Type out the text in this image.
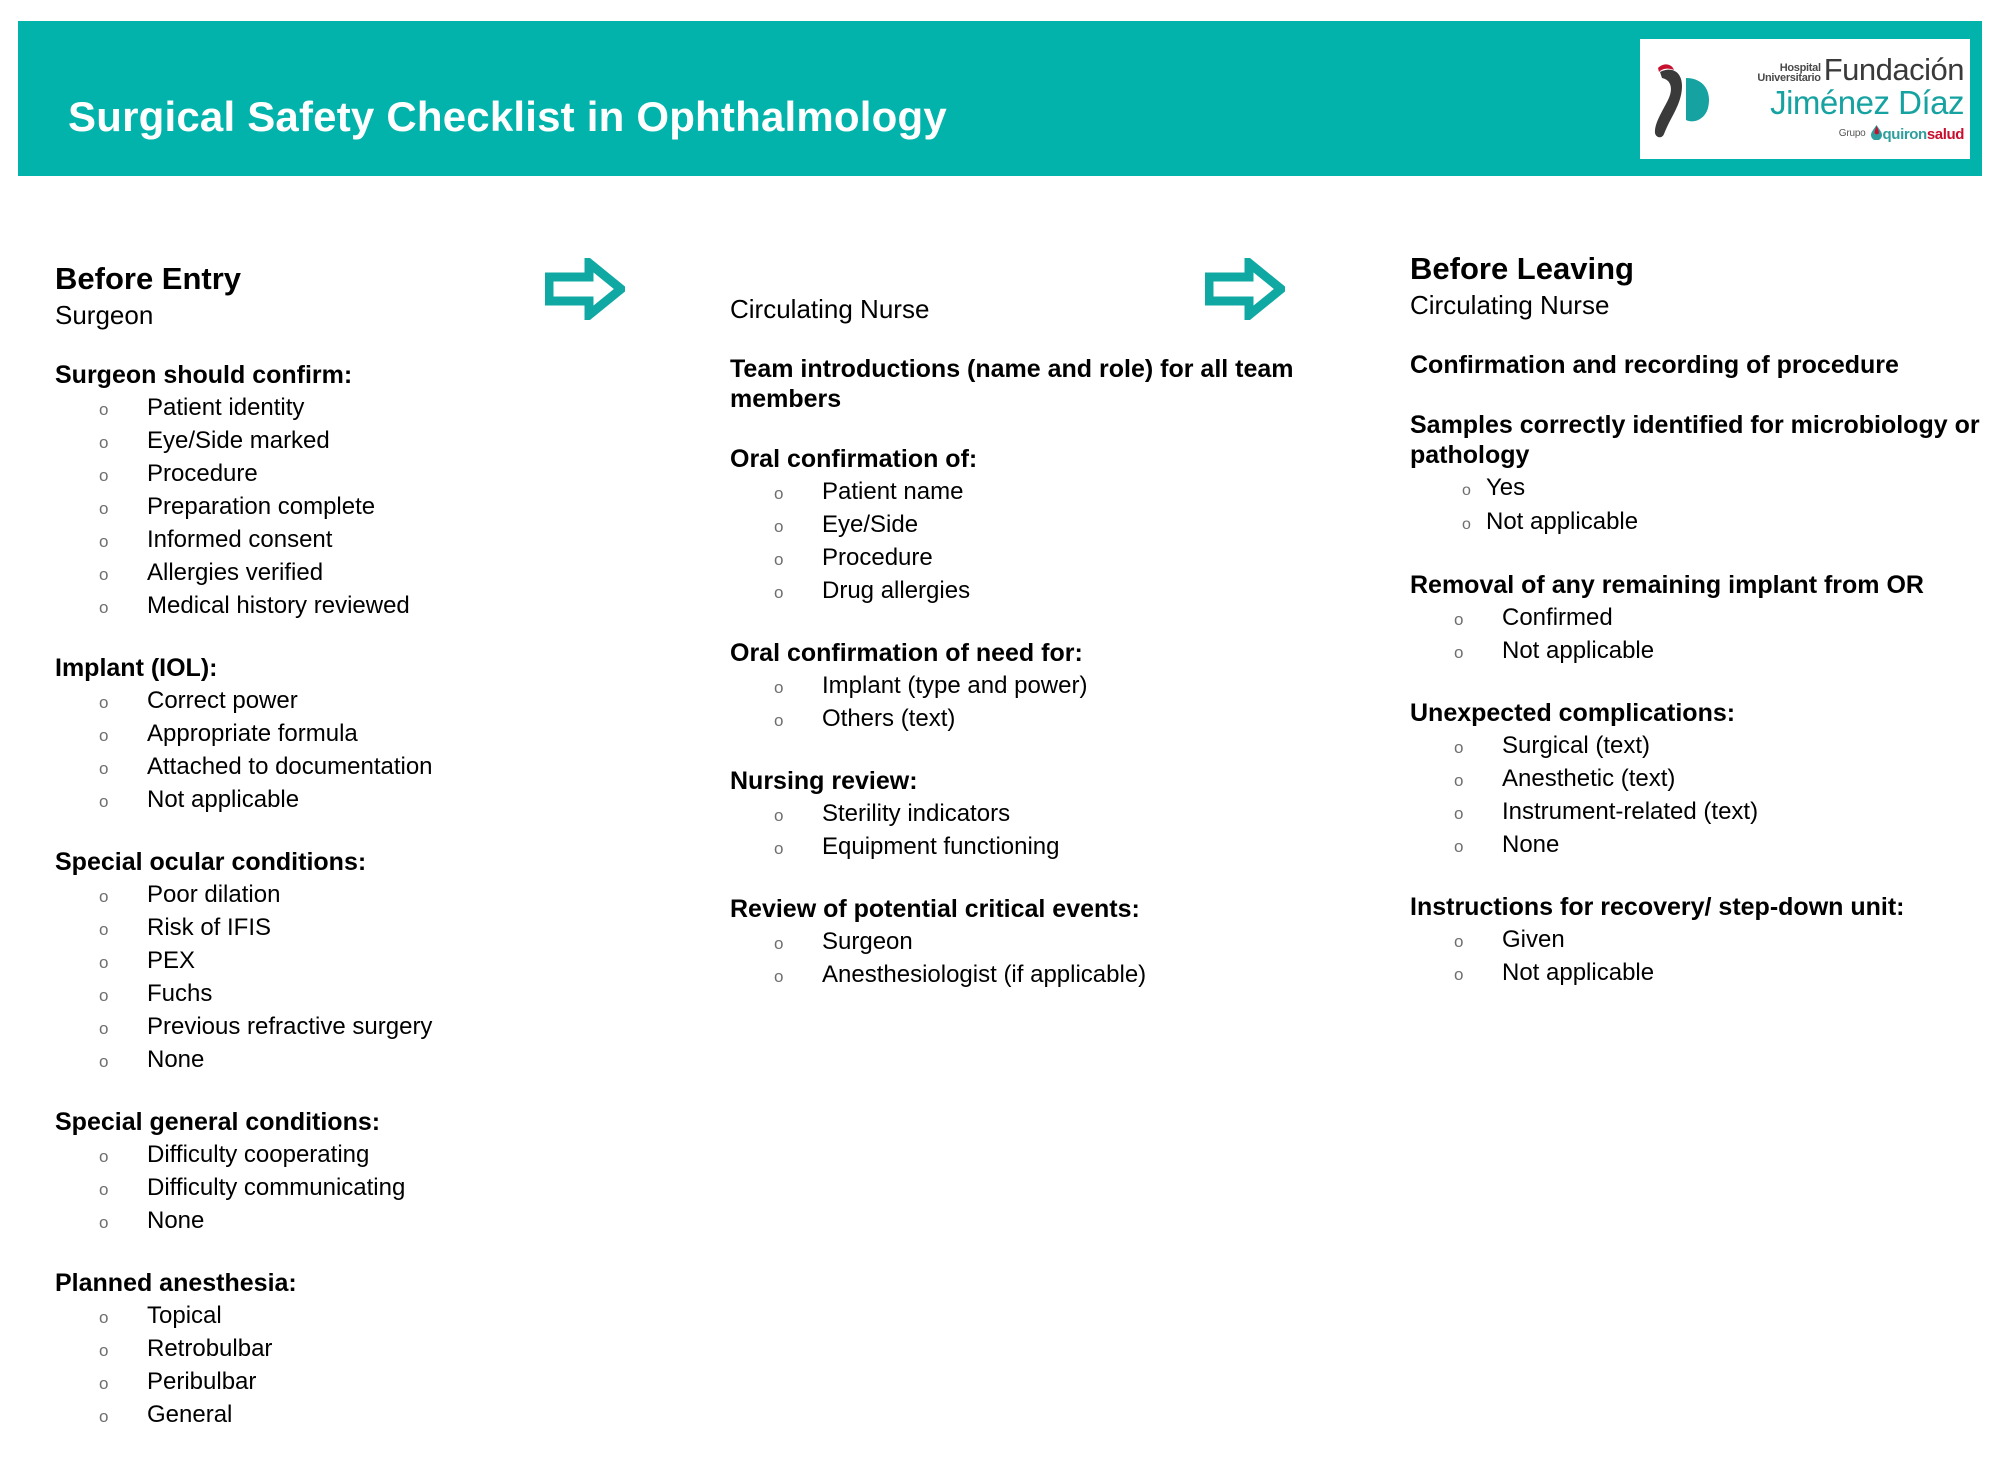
Surgical Safety Checklist in Ophthalmology
Hospital
Universitario Fundación
Jiménez Díaz
Grupo quiron salud
Before Entry
Surgeon
Surgeon should confirm:
o	Patient identity
o	Eye/Side marked
o	Procedure
o	Preparation complete
o	Informed consent
o	Allergies verified
o	Medical history reviewed
Implant (IOL):
o	Correct power
o	Appropriate formula
o	Attached to documentation
o	Not applicable
Special ocular conditions:
o	Poor dilation
o	Risk of IFIS
o	PEX
o	Fuchs
o	Previous refractive surgery
o	None
Special general conditions:
o	Difficulty cooperating
o	Difficulty communicating
o	None
Planned anesthesia:
o	Topical
o	Retrobulbar
o	Peribulbar
o	General
Circulating Nurse
Team introductions (name and role) for all team members
Oral confirmation of:
o	Patient name
o	Eye/Side
o	Procedure
o	Drug allergies
Oral confirmation of need for:
o	Implant (type and power)
o	Others (text)
Nursing review:
o	Sterility indicators
o	Equipment functioning
Review of potential critical events:
o	Surgeon
o	Anesthesiologist (if applicable)
Before Leaving
Circulating Nurse
Confirmation and recording of procedure
Samples correctly identified for microbiology or pathology
o Yes
o Not applicable
Removal of any remaining implant from OR
o	Confirmed
o	Not applicable
Unexpected complications:
o	Surgical (text)
o	Anesthetic (text)
o	Instrument-related (text)
o	None
Instructions for recovery/ step-down unit:
o	Given
o	Not applicable
